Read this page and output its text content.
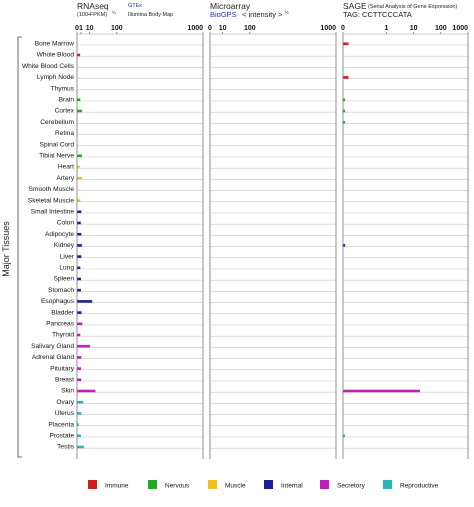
RNAseq
(100•FPKM) ½
GTEx
Illumina Body Map
Microarray
BioGPS < intensity > ½
SAGE (Serial Analysis of Gene Expression)
TAG: CCTTCCCATA
Major Tissues
Bone Marrow
Whole Blood
White Blood Cells
Lymph Node
Thymus
Brain
Cortex
Cerebellum
Retina
Spinal Cord
Tibial Nerve
Heart
Artery
Smooth Muscle
Skeletal Muscle
Small Intestine
Colon
Adipocyte
Kidney
Liver
Lung
Spleen
Stomach
Esophagus
Bladder
Pancreas
Thyroid
Salivary Gland
Adrenal Gland
Pituitary
Breast
Skin
Ovary
Uterus
Placenta
Prostate
Testis
0 1 10	100	1000 0 10	100	1000 0	1	10 100 1000
Immune	Nervous	Muscle	Internal	Secretory	Reproductive
